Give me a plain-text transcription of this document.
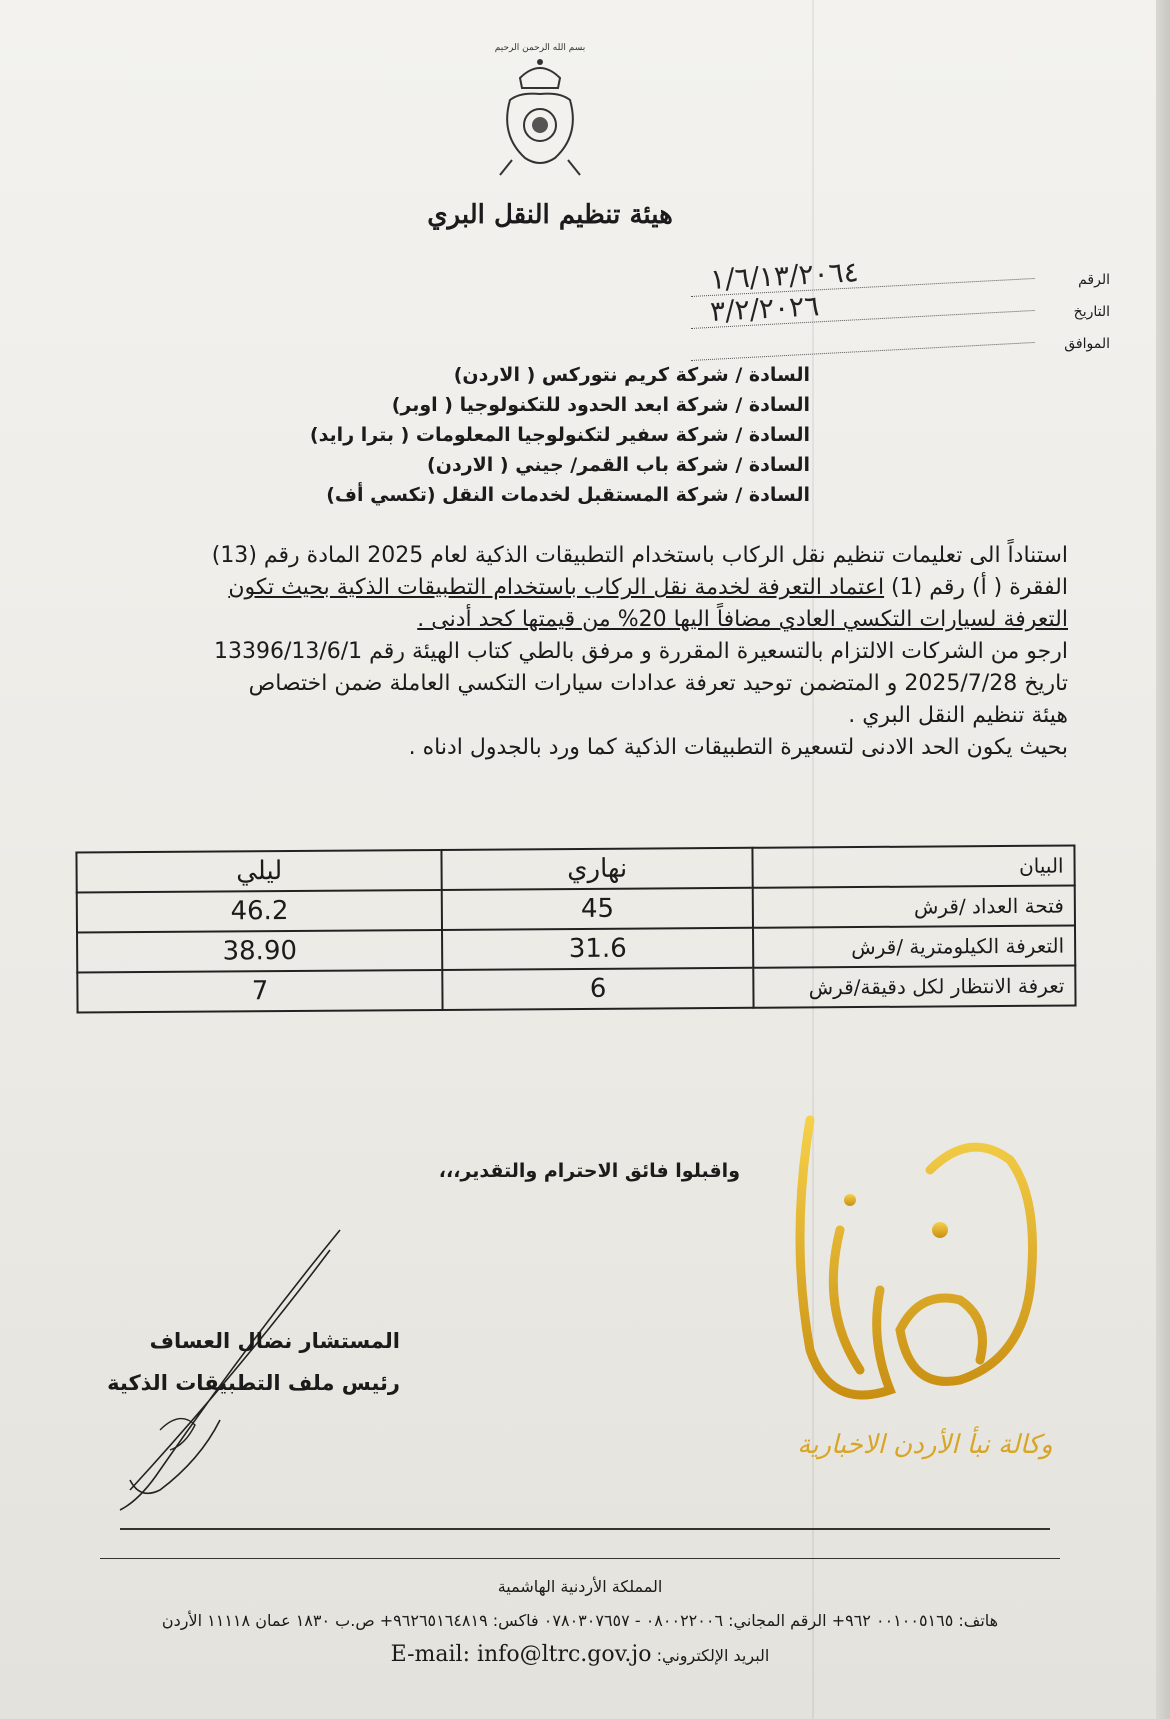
بسم الله الرحمن الرحيم
هيئة تنظيم النقل البري
١/٦/١٣/٢٠٦٤	الرقم
٣/٢/٢٠٢٦	التاريخ
الموافق
السادة / شركة كريم نتوركس ( الاردن)
السادة / شركة ابعد الحدود للتكنولوجيا ( اوبر)
السادة / شركة سفير لتكنولوجيا المعلومات ( بترا رايد)
السادة / شركة باب القمر/ جيني ( الاردن)
السادة / شركة المستقبل لخدمات النقل (تكسي أف)

استناداً الى تعليمات تنظيم نقل الركاب باستخدام التطبيقات الذكية لعام 2025 المادة رقم (13)

الفقرة ( أ) رقم (1) اعتماد التعرفة لخدمة نقل الركاب باستخدام التطبيقات الذكية بحيث تكون

التعرفة لسيارات التكسي العادي مضافاً اليها 20% من قيمتها كحد أدنى .

ارجو من الشركات الالتزام بالتسعيرة المقررة و مرفق بالطي كتاب الهيئة رقم 13396/13/6/1

تاريخ 2025/7/28 و المتضمن توحيد تعرفة عدادات سيارات التكسي العاملة ضمن اختصاص

هيئة تنظيم النقل البري .

بحيث يكون الحد الادنى لتسعيرة التطبيقات الذكية كما ورد بالجدول ادناه .

البيان	نهاري	ليلي
فتحة العداد /قرش	45	46.2
التعرفة الكيلومترية /قرش	31.6	38.90
تعرفة الانتظار لكل دقيقة/قرش	6	7
واقبلوا فائق الاحترام والتقدير،،،
المستشار نضال العساف
رئيس ملف التطبيقات الذكية
وكالة نبأ الأردن الاخبارية
المملكة الأردنية الهاشمية
هاتف: ٠٠١٠٠٥١٦٥ ٩٦٢+ الرقم المجاني: ٠٨٠٠٢٢٠٠٦ - ٠٧٨٠٣٠٧٦٥٧ فاكس: ٩٦٢٦٥١٦٤٨١٩+ ص.ب ١٨٣٠ عمان ١١١١٨ الأردن
البريد الإلكتروني: E-mail: info@ltrc.gov.jo
